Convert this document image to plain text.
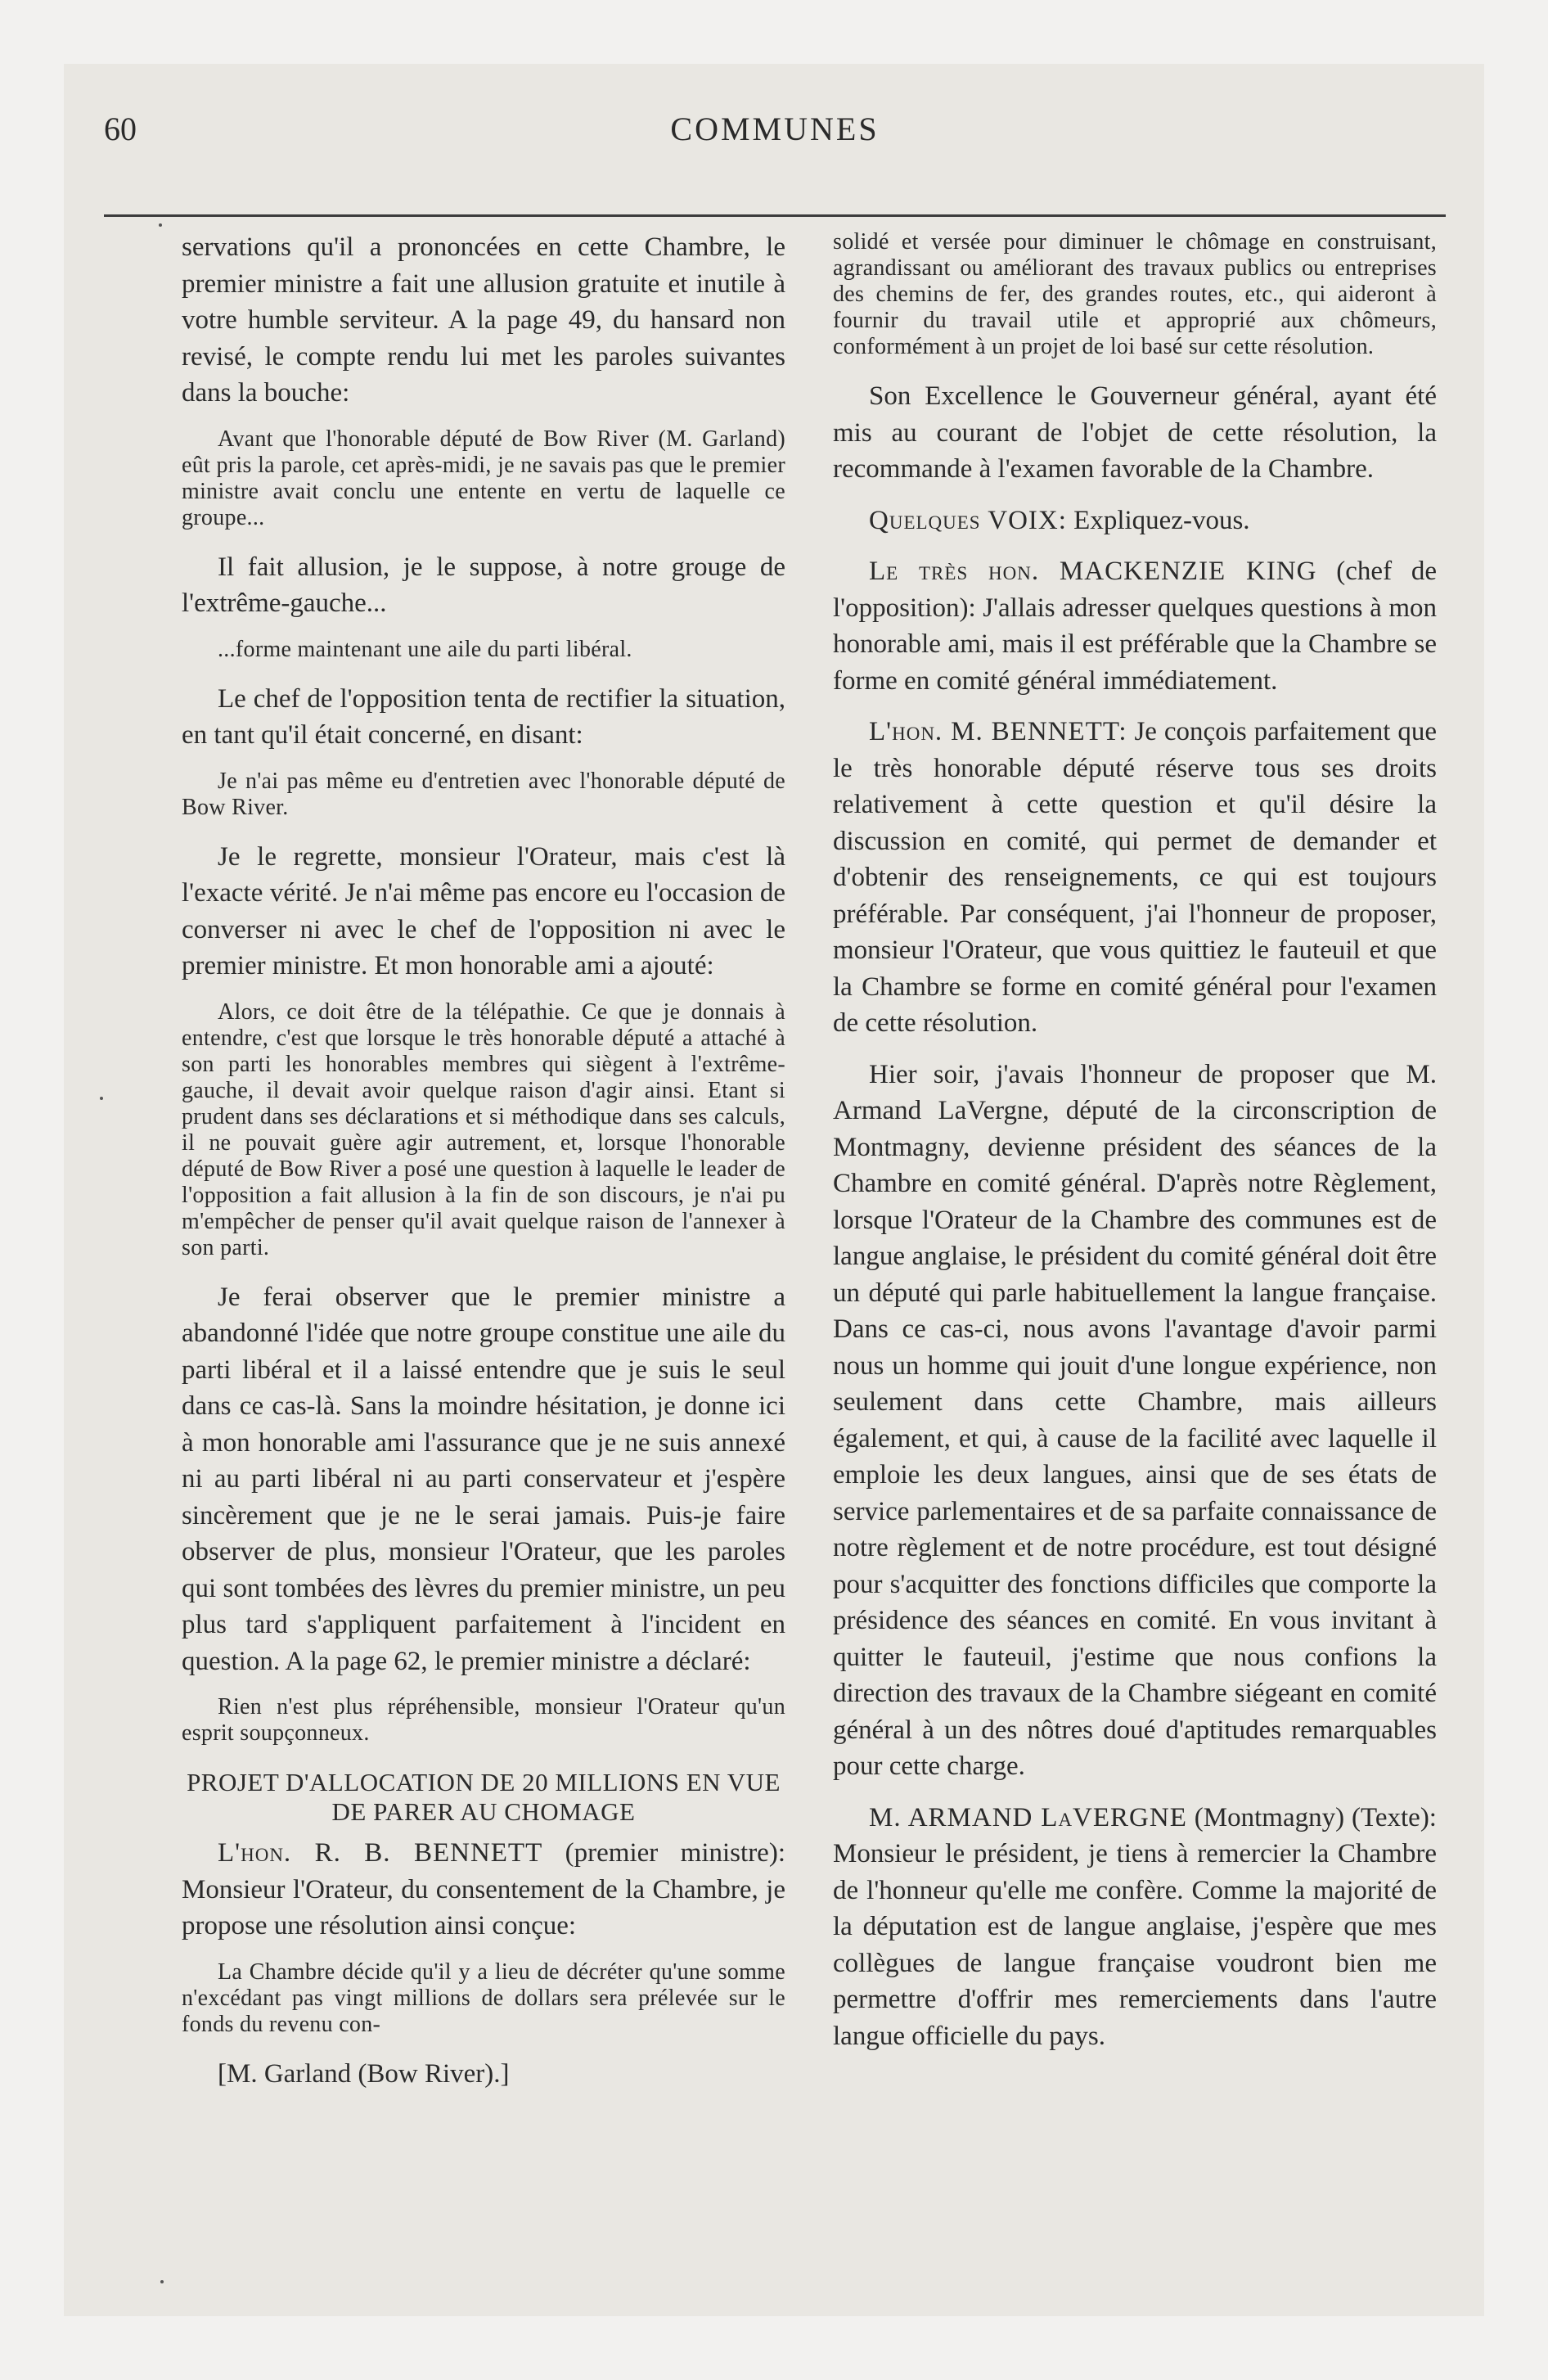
60	COMMUNES

servations qu'il a prononcées en cette Chambre, le premier ministre a fait une allusion gratuite et inutile à votre humble serviteur. A la page 49, du hansard non revisé, le compte rendu lui met les paroles suivantes dans la bouche:

Avant que l'honorable député de Bow River (M. Garland) eût pris la parole, cet après-midi, je ne savais pas que le premier ministre avait conclu une entente en vertu de laquelle ce groupe...

Il fait allusion, je le suppose, à notre grouge de l'extrême-gauche...

...forme maintenant une aile du parti libéral.

Le chef de l'opposition tenta de rectifier la situation, en tant qu'il était concerné, en disant:

Je n'ai pas même eu d'entretien avec l'honorable député de Bow River.

Je le regrette, monsieur l'Orateur, mais c'est là l'exacte vérité. Je n'ai même pas encore eu l'occasion de converser ni avec le chef de l'opposition ni avec le premier ministre. Et mon honorable ami a ajouté:

Alors, ce doit être de la télépathie. Ce que je donnais à entendre, c'est que lorsque le très honorable député a attaché à son parti les honorables membres qui siègent à l'extrême-gauche, il devait avoir quelque raison d'agir ainsi. Etant si prudent dans ses déclarations et si méthodique dans ses calculs, il ne pouvait guère agir autrement, et, lorsque l'honorable député de Bow River a posé une question à laquelle le leader de l'opposition a fait allusion à la fin de son discours, je n'ai pu m'empêcher de penser qu'il avait quelque raison de l'annexer à son parti.

Je ferai observer que le premier ministre a abandonné l'idée que notre groupe constitue une aile du parti libéral et il a laissé entendre que je suis le seul dans ce cas-là. Sans la moindre hésitation, je donne ici à mon honorable ami l'assurance que je ne suis annexé ni au parti libéral ni au parti conservateur et j'espère sincèrement que je ne le serai jamais. Puis-je faire observer de plus, monsieur l'Orateur, que les paroles qui sont tombées des lèvres du premier ministre, un peu plus tard s'appliquent parfaitement à l'incident en question. A la page 62, le premier ministre a déclaré:

Rien n'est plus répréhensible, monsieur l'Orateur qu'un esprit soupçonneux.

PROJET D'ALLOCATION DE 20 MILLIONS EN VUE DE PARER AU CHOMAGE

L'hon. R. B. BENNETT (premier ministre): Monsieur l'Orateur, du consentement de la Chambre, je propose une résolution ainsi conçue:

La Chambre décide qu'il y a lieu de décréter qu'une somme n'excédant pas vingt millions de dollars sera prélevée sur le fonds du revenu con-

[M. Garland (Bow River).]

solidé et versée pour diminuer le chômage en construisant, agrandissant ou améliorant des travaux publics ou entreprises des chemins de fer, des grandes routes, etc., qui aideront à fournir du travail utile et approprié aux chômeurs, conformément à un projet de loi basé sur cette résolution.

Son Excellence le Gouverneur général, ayant été mis au courant de l'objet de cette résolution, la recommande à l'examen favorable de la Chambre.

Quelques VOIX: Expliquez-vous.

Le très hon. MACKENZIE KING (chef de l'opposition): J'allais adresser quelques questions à mon honorable ami, mais il est préférable que la Chambre se forme en comité général immédiatement.

L'hon. M. BENNETT: Je conçois parfaitement que le très honorable député réserve tous ses droits relativement à cette question et qu'il désire la discussion en comité, qui permet de demander et d'obtenir des renseignements, ce qui est toujours préférable. Par conséquent, j'ai l'honneur de proposer, monsieur l'Orateur, que vous quittiez le fauteuil et que la Chambre se forme en comité général pour l'examen de cette résolution.

Hier soir, j'avais l'honneur de proposer que M. Armand LaVergne, député de la circonscription de Montmagny, devienne président des séances de la Chambre en comité général. D'après notre Règlement, lorsque l'Orateur de la Chambre des communes est de langue anglaise, le président du comité général doit être un député qui parle habituellement la langue française. Dans ce cas-ci, nous avons l'avantage d'avoir parmi nous un homme qui jouit d'une longue expérience, non seulement dans cette Chambre, mais ailleurs également, et qui, à cause de la facilité avec laquelle il emploie les deux langues, ainsi que de ses états de service parlementaires et de sa parfaite connaissance de notre règlement et de notre procédure, est tout désigné pour s'acquitter des fonctions difficiles que comporte la présidence des séances en comité. En vous invitant à quitter le fauteuil, j'estime que nous confions la direction des travaux de la Chambre siégeant en comité général à un des nôtres doué d'aptitudes remarquables pour cette charge.

M. ARMAND LaVERGNE (Montmagny) (Texte): Monsieur le président, je tiens à remercier la Chambre de l'honneur qu'elle me confère. Comme la majorité de la députation est de langue anglaise, j'espère que mes collègues de langue française voudront bien me permettre d'offrir mes remerciements dans l'autre langue officielle du pays.
